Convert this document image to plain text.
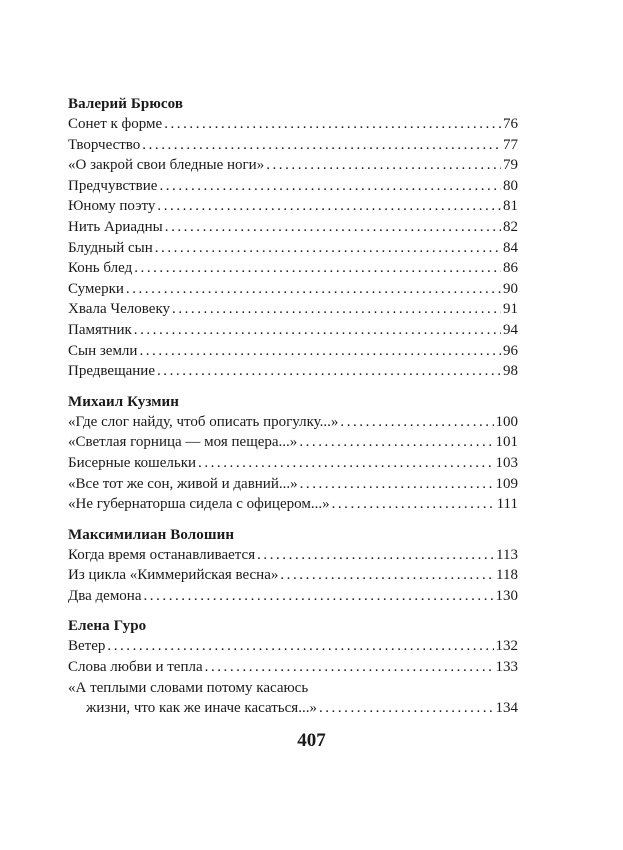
Валерий Брюсов
Сонет к форме . . .	76
Творчество . . .	77
«О закрой свои бледные ноги» . . .	79
Предчувствие . . .	80
Юному поэту . . .	81
Нить Ариадны . . .	82
Блудный сын . . .	84
Конь блед . . .	86
Сумерки . . .	90
Хвала Человеку . . .	91
Памятник . . .	94
Сын земли . . .	96
Предвещание . . .	98
Михаил Кузмин
«Где слог найду, чтоб описать прогулку...» . . .	100
«Светлая горница — моя пещера...» . . .	101
Бисерные кошельки . . .	103
«Все тот же сон, живой и давний...» . . .	109
«Не губернаторша сидела с офицером...» . . .	111
Максимилиан Волошин
Когда время останавливается . . .	113
Из цикла «Киммерийская весна» . . .	118
Два демона . . .	130
Елена Гуро
Ветер . . .	132
Слова любви и тепла . . .	133
«А теплыми словами потому касаюсь
жизни, что как же иначе касаться...» . . .	134
407
